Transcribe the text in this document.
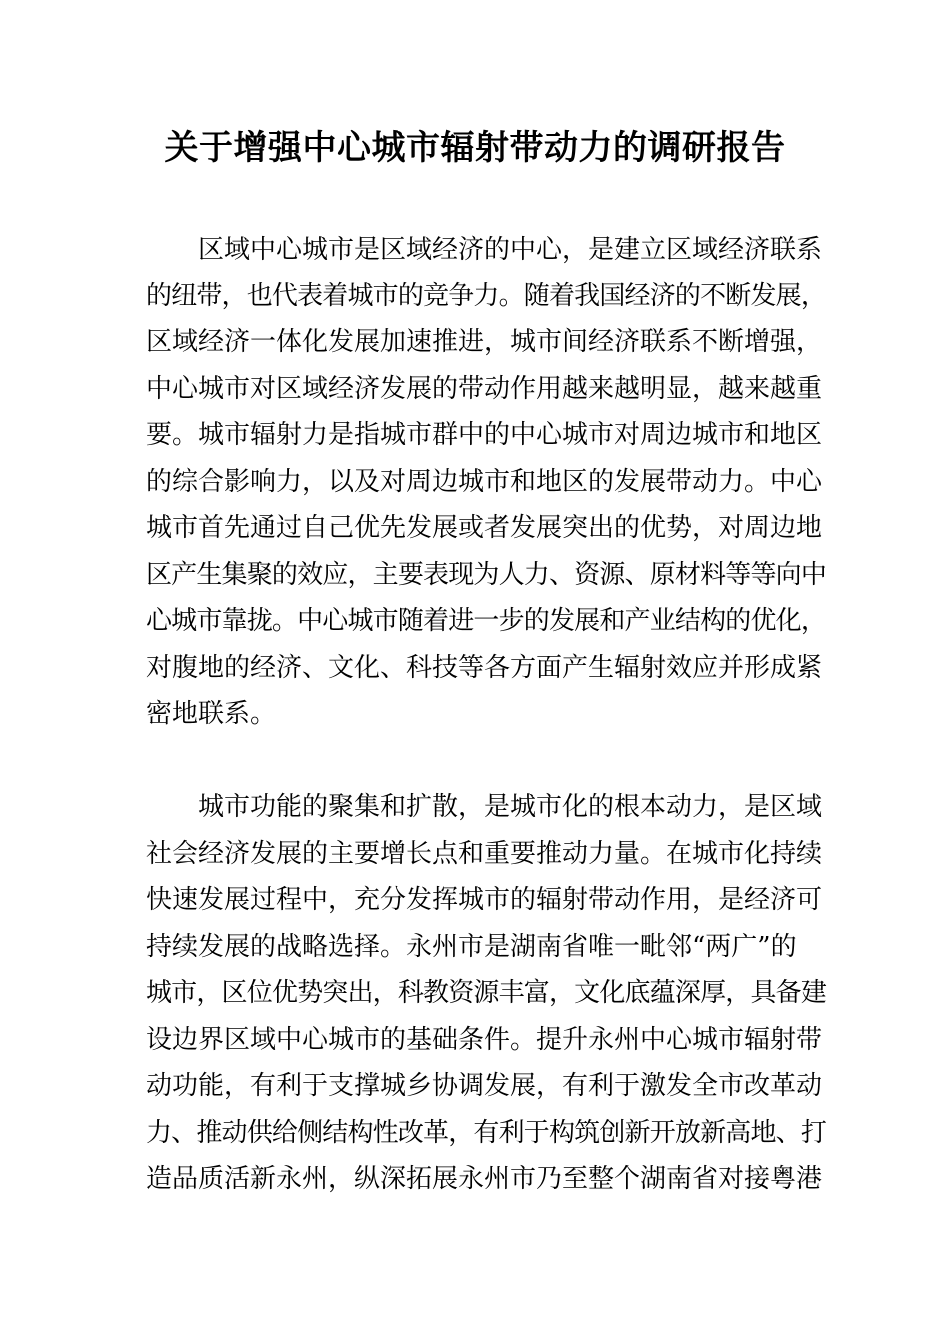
关于增强中心城市辐射带动力的调研报告
区域中心城市是区域经济的中心，是建立区域经济联系
的纽带，也代表着城市的竞争力。随着我国经济的不断发展，
区域经济一体化发展加速推进，城市间经济联系不断增强，
中心城市对区域经济发展的带动作用越来越明显，越来越重
要。城市辐射力是指城市群中的中心城市对周边城市和地区
的综合影响力，以及对周边城市和地区的发展带动力。中心
城市首先通过自己优先发展或者发展突出的优势，对周边地
区产生集聚的效应，主要表现为人力、资源、原材料等等向中
心城市靠拢。中心城市随着进一步的发展和产业结构的优化，
对腹地的经济、文化、科技等各方面产生辐射效应并形成紧
密地联系。
城市功能的聚集和扩散，是城市化的根本动力，是区域
社会经济发展的主要增长点和重要推动力量。在城市化持续
快速发展过程中，充分发挥城市的辐射带动作用，是经济可
持续发展的战略选择。永州市是湖南省唯一毗邻“两广”的
城市，区位优势突出，科教资源丰富，文化底蕴深厚，具备建
设边界区域中心城市的基础条件。提升永州中心城市辐射带
动功能，有利于支撑城乡协调发展，有利于激发全市改革动
力、推动供给侧结构性改革，有利于构筑创新开放新高地、打
造品质活新永州，纵深拓展永州市乃至整个湖南省对接粤港
